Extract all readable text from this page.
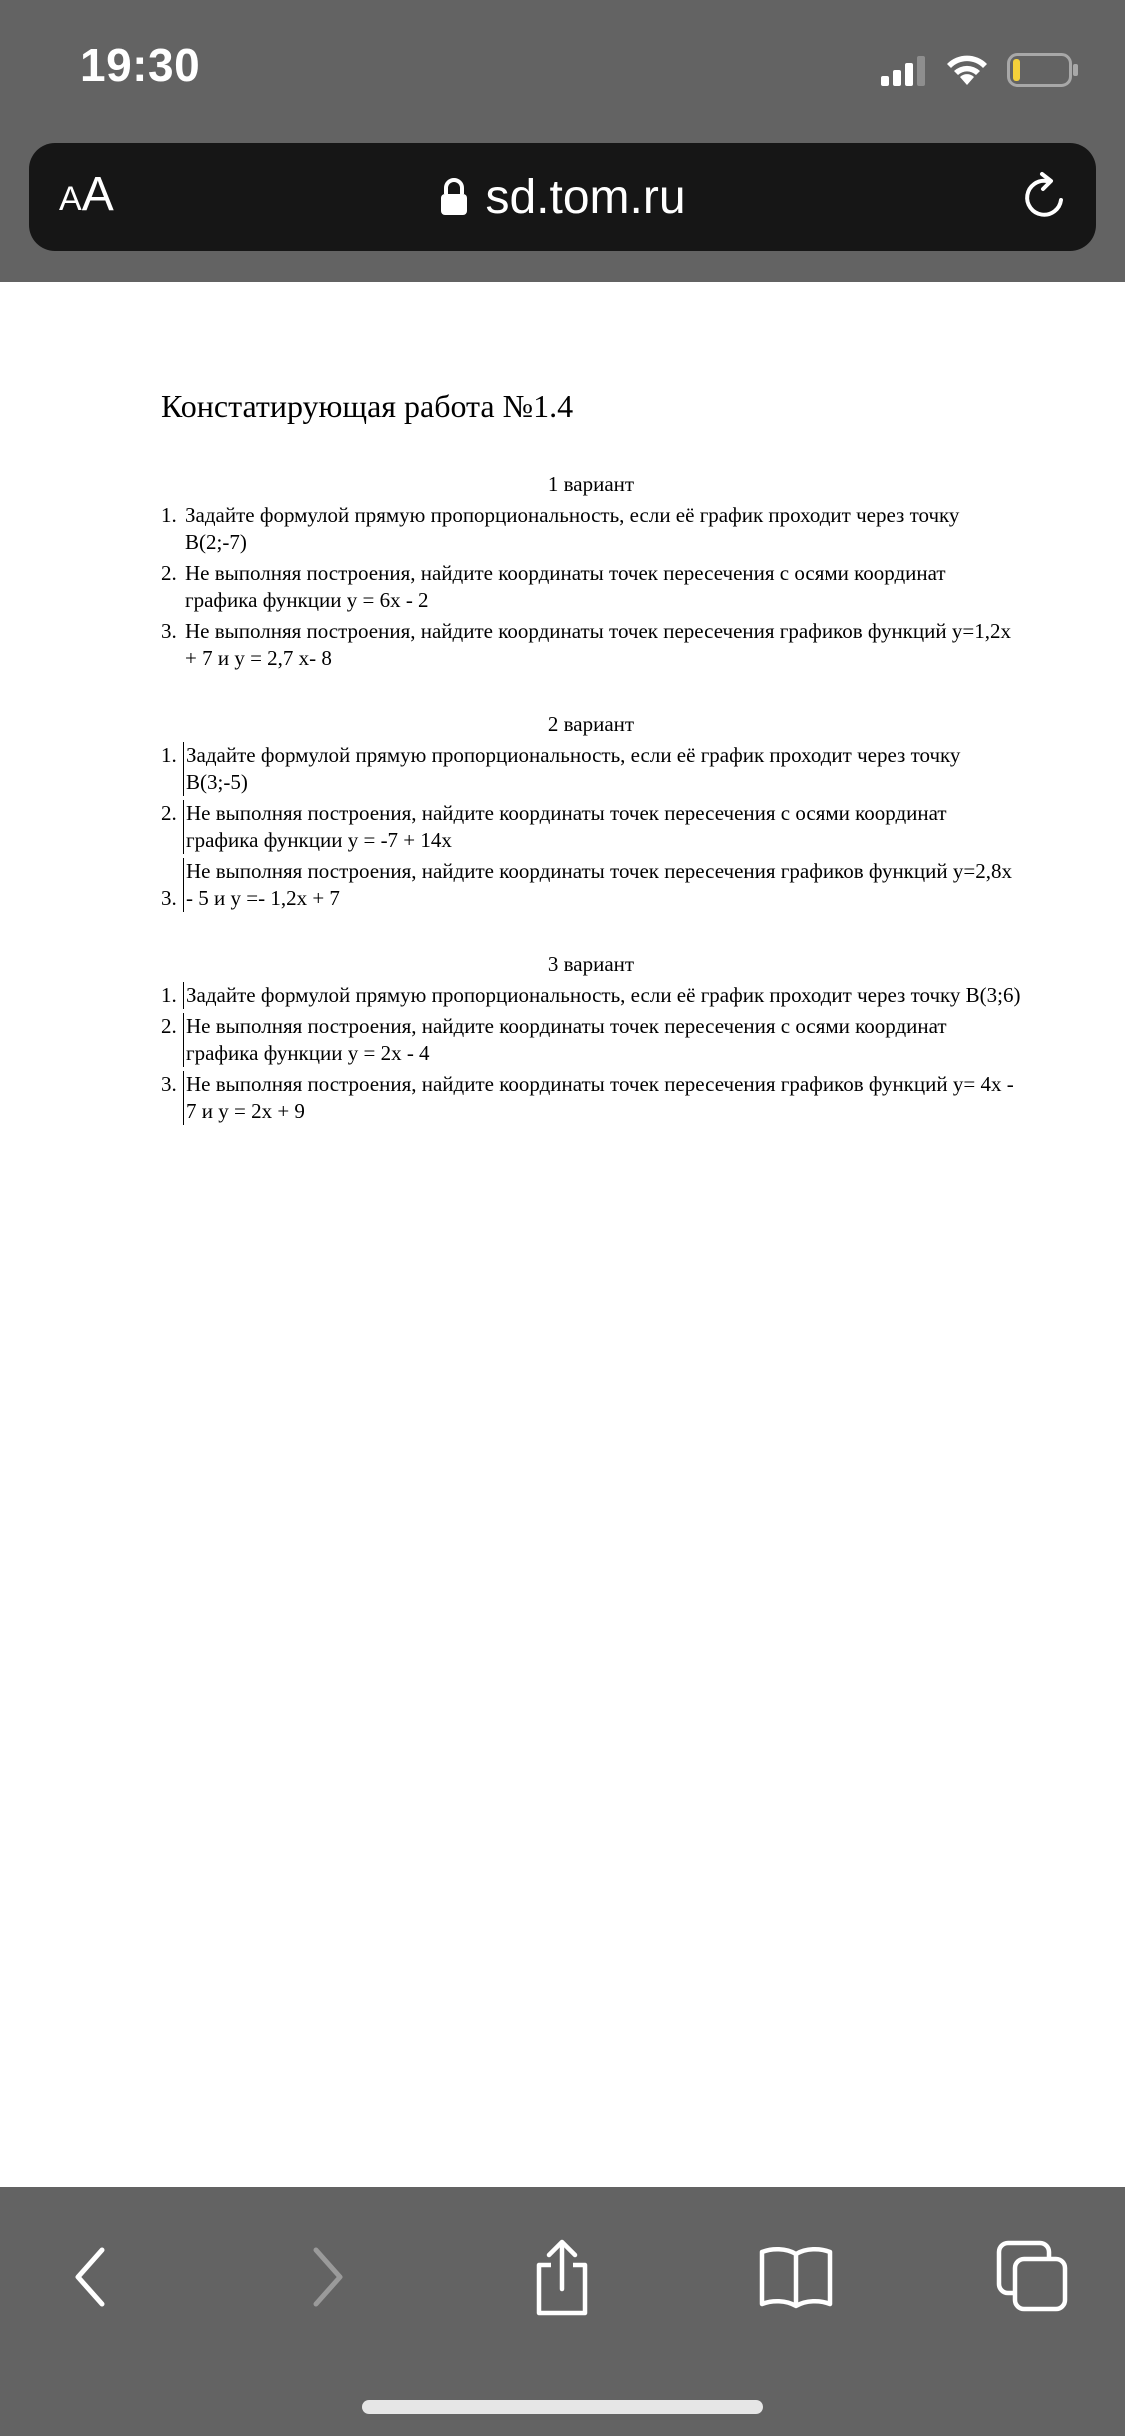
19:30
A A	sd.tom.ru
Констатирующая работа №1.4
1 вариант
1. Задайте формулой прямую пропорциональность, если её график проходит через точку В(2;-7)
2. Не выполняя построения, найдите координаты точек пересечения с осями координат графика функции у = 6х - 2
3. Не выполняя построения, найдите координаты точек пересечения графиков функций у=1,2х + 7 и у = 2,7 х- 8
2 вариант
1. Задайте формулой прямую пропорциональность, если её график проходит через точку В(3;-5)
2. Не выполняя построения, найдите координаты точек пересечения с осями координат графика функции у = -7 + 14х
3.
Не выполняя построения, найдите координаты точек пересечения графиков функций у=2,8х - 5 и у =- 1,2х + 7
3 вариант
1. Задайте формулой прямую пропорциональность, если её график проходит через точку В(3;6)
2. Не выполняя построения, найдите координаты точек пересечения с осями координат графика функции у = 2х - 4
3. Не выполняя построения, найдите координаты точек пересечения графиков функций у= 4х - 7 и у = 2х + 9
